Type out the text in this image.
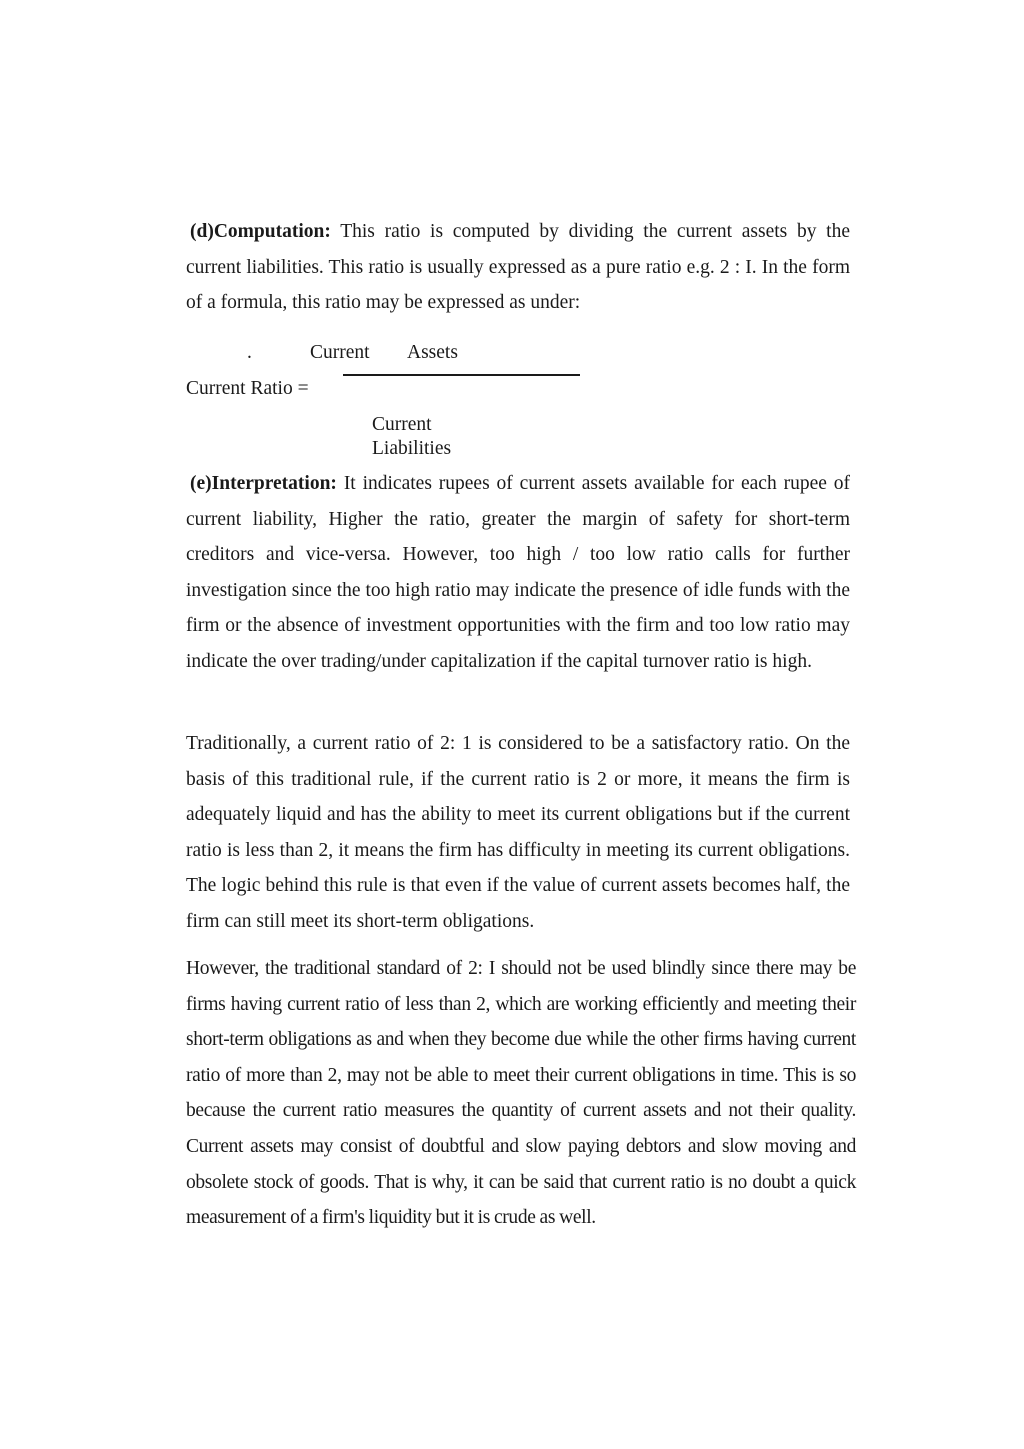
(d)Computation: This ratio is computed by dividing the current assets by the current liabilities. This ratio is usually expressed as a pure ratio e.g. 2 : I. In the form of a formula, this ratio may be expressed as under:

.	Current Assets
Current Ratio =
Current
Liabilities

(e)Interpretation: It indicates rupees of current assets available for each rupee of current liability, Higher the ratio, greater the margin of safety for short-term creditors and vice-versa. However, too high / too low ratio calls for further investigation since the too high ratio may indicate the presence of idle funds with the firm or the absence of investment opportunities with the firm and too low ratio may indicate the over trading/under capitalization if the capital turnover ratio is high.

Traditionally, a current ratio of 2: 1 is considered to be a satisfactory ratio. On the basis of this traditional rule, if the current ratio is 2 or more, it means the firm is adequately liquid and has the ability to meet its current obligations but if the current ratio is less than 2, it means the firm has difficulty in meeting its current obligations. The logic behind this rule is that even if the value of current assets becomes half, the firm can still meet its short-term obligations.

However, the traditional standard of 2: I should not be used blindly since there may be firms having current ratio of less than 2, which are working efficiently and meeting their short-term obligations as and when they become due while the other firms having current ratio of more than 2, may not be able to meet their current obligations in time. This is so because the current ratio measures the quantity of current assets and not their quality. Current assets may consist of doubtful and slow paying debtors and slow moving and obsolete stock of goods. That is why, it can be said that current ratio is no doubt a quick measurement of a firm's liquidity but it is crude as well.
